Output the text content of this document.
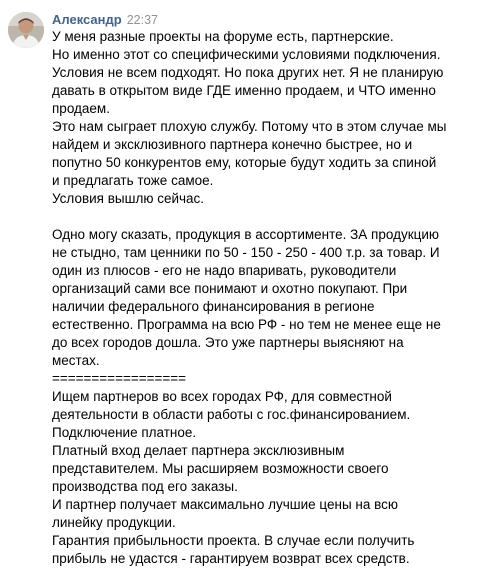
Александр 22:37
У меня разные проекты на форуме есть, партнерские.
Но именно этот со специфическими условиями подключения.
Условия не всем подходят. Но пока других нет. Я не планирую
давать в открытом виде ГДЕ именно продаем, и ЧТО именно
продаем.
Это нам сыграет плохую службу. Потому что в этом случае мы
найдем и эксклюзивного партнера конечно быстрее, но и
попутно 50 конкурентов ему, которые будут ходить за спиной
и предлагать тоже самое.
Условия вышлю сейчас.
Одно могу сказать, продукция в ассортименте. ЗА продукцию
не стыдно, там ценники по 50 - 150 - 250 - 400 т.р. за товар. И
один из плюсов - его не надо впаривать, руководители
организаций сами все понимают и охотно покупают. При
наличии федерального финансирования в регионе
естественно. Программа на всю РФ - но тем не менее еще не
до всех городов дошла. Это уже партнеры выясняют на
местах.
=================
Ищем партнеров во всех городах РФ, для совместной
деятельности в области работы с гос.финансированием.
Подключение платное.
Платный вход делает партнера эксклюзивным
представителем. Мы расширяем возможности своего
производства под его заказы.
И партнер получает максимально лучшие цены на всю
линейку продукции.
Гарантия прибыльности проекта. В случае если получить
прибыль не удастся - гарантируем возврат всех средств.
